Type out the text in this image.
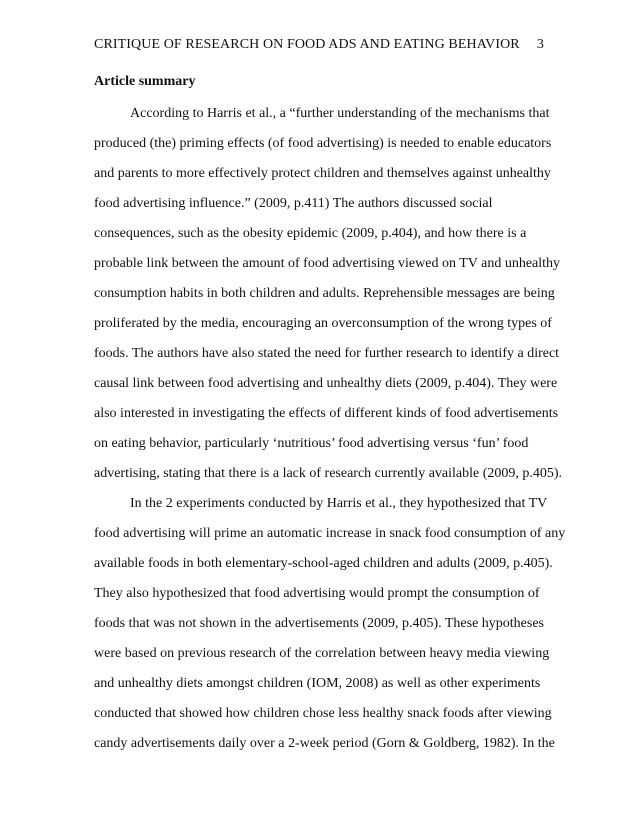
CRITIQUE OF RESEARCH ON FOOD ADS AND EATING BEHAVIOR 3
Article summary
According to Harris et al., a “further understanding of the mechanisms that
produced (the) priming effects (of food advertising) is needed to enable educators
and parents to more effectively protect children and themselves against unhealthy
food advertising influence.” (2009, p.411) The authors discussed social
consequences, such as the obesity epidemic (2009, p.404), and how there is a
probable link between the amount of food advertising viewed on TV and unhealthy
consumption habits in both children and adults. Reprehensible messages are being
proliferated by the media, encouraging an overconsumption of the wrong types of
foods. The authors have also stated the need for further research to identify a direct
causal link between food advertising and unhealthy diets (2009, p.404). They were
also interested in investigating the effects of different kinds of food advertisements
on eating behavior, particularly ‘nutritious’ food advertising versus ‘fun’ food
advertising, stating that there is a lack of research currently available (2009, p.405).
In the 2 experiments conducted by Harris et al., they hypothesized that TV
food advertising will prime an automatic increase in snack food consumption of any
available foods in both elementary-school-aged children and adults (2009, p.405).
They also hypothesized that food advertising would prompt the consumption of
foods that was not shown in the advertisements (2009, p.405). These hypotheses
were based on previous research of the correlation between heavy media viewing
and unhealthy diets amongst children (IOM, 2008) as well as other experiments
conducted that showed how children chose less healthy snack foods after viewing
candy advertisements daily over a 2-week period (Gorn & Goldberg, 1982). In the
